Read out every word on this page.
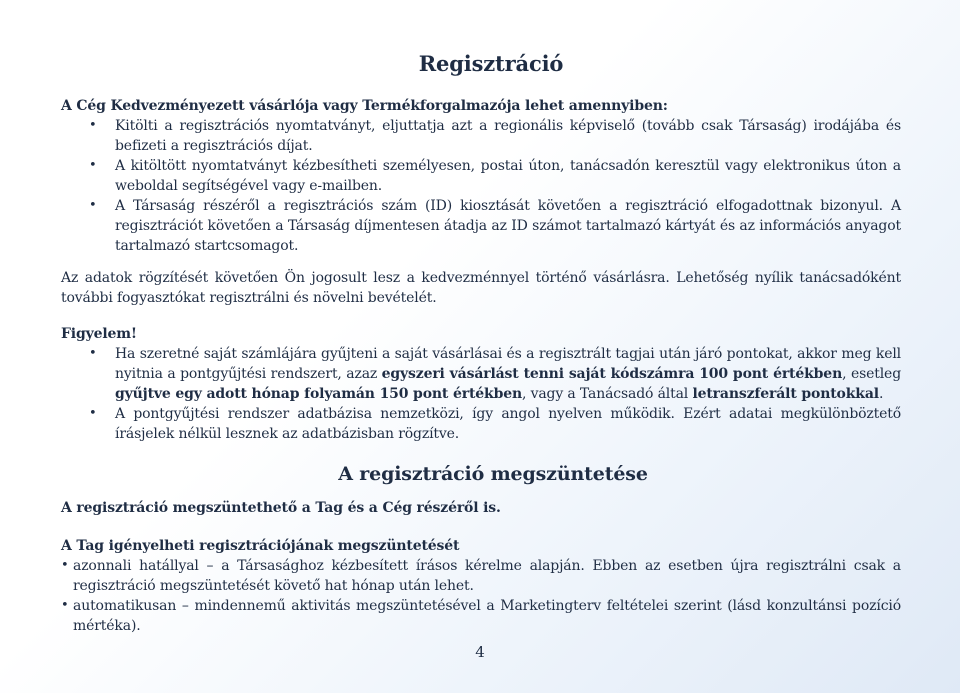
Regisztráció
A Cég Kedvezményezett vásárlója vagy Termékforgalmazója lehet amennyiben:
• Kitölti a regisztrációs nyomtatványt, eljuttatja azt a regionális képviselő (tovább csak Társaság) irodájába és befizeti a regisztrációs díjat.
• A kitöltött nyomtatványt kézbesítheti személyesen, postai úton, tanácsadón keresztül vagy elektronikus úton a weboldal segítségével vagy e-mailben.
• A Társaság részéről a regisztrációs szám (ID) kiosztását követően a regisztráció elfogadottnak bizonyul. A regisztrációt követően a Társaság díjmentesen átadja az ID számot tartalmazó kártyát és az információs anyagot tartalmazó startcsomagot.

Az adatok rögzítését követően Ön jogosult lesz a kedvezménnyel történő vásárlásra. Lehetőség nyílik tanácsadóként további fogyasztókat regisztrálni és növelni bevételét.

Figyelem!
• Ha szeretné saját számlájára gyűjteni a saját vásárlásai és a regisztrált tagjai után járó pontokat, akkor meg kell nyitnia a pontgyűjtési rendszert, azaz egyszeri vásárlást tenni saját kódszámra 100 pont értékben, esetleg gyűjtve egy adott hónap folyamán 150 pont értékben, vagy a Tanácsadó által letranszferált pontokkal.
• A pontgyűjtési rendszer adatbázisa nemzetközi, így angol nyelven működik. Ezért adatai megkülönböztető írásjelek nélkül lesznek az adatbázisban rögzítve.
A regisztráció megszüntetése
A regisztráció megszüntethető a Tag és a Cég részéről is.
A Tag igényelheti regisztrációjának megszüntetését
• azonnali hatállyal – a Társasághoz kézbesített írásos kérelme alapján. Ebben az esetben újra regisztrálni csak a regisztráció megszüntetését követő hat hónap után lehet.
• automatikusan – mindennemű aktivitás megszüntetésével a Marketingterv feltételei szerint (lásd konzultánsi pozíció mértéka).
4
